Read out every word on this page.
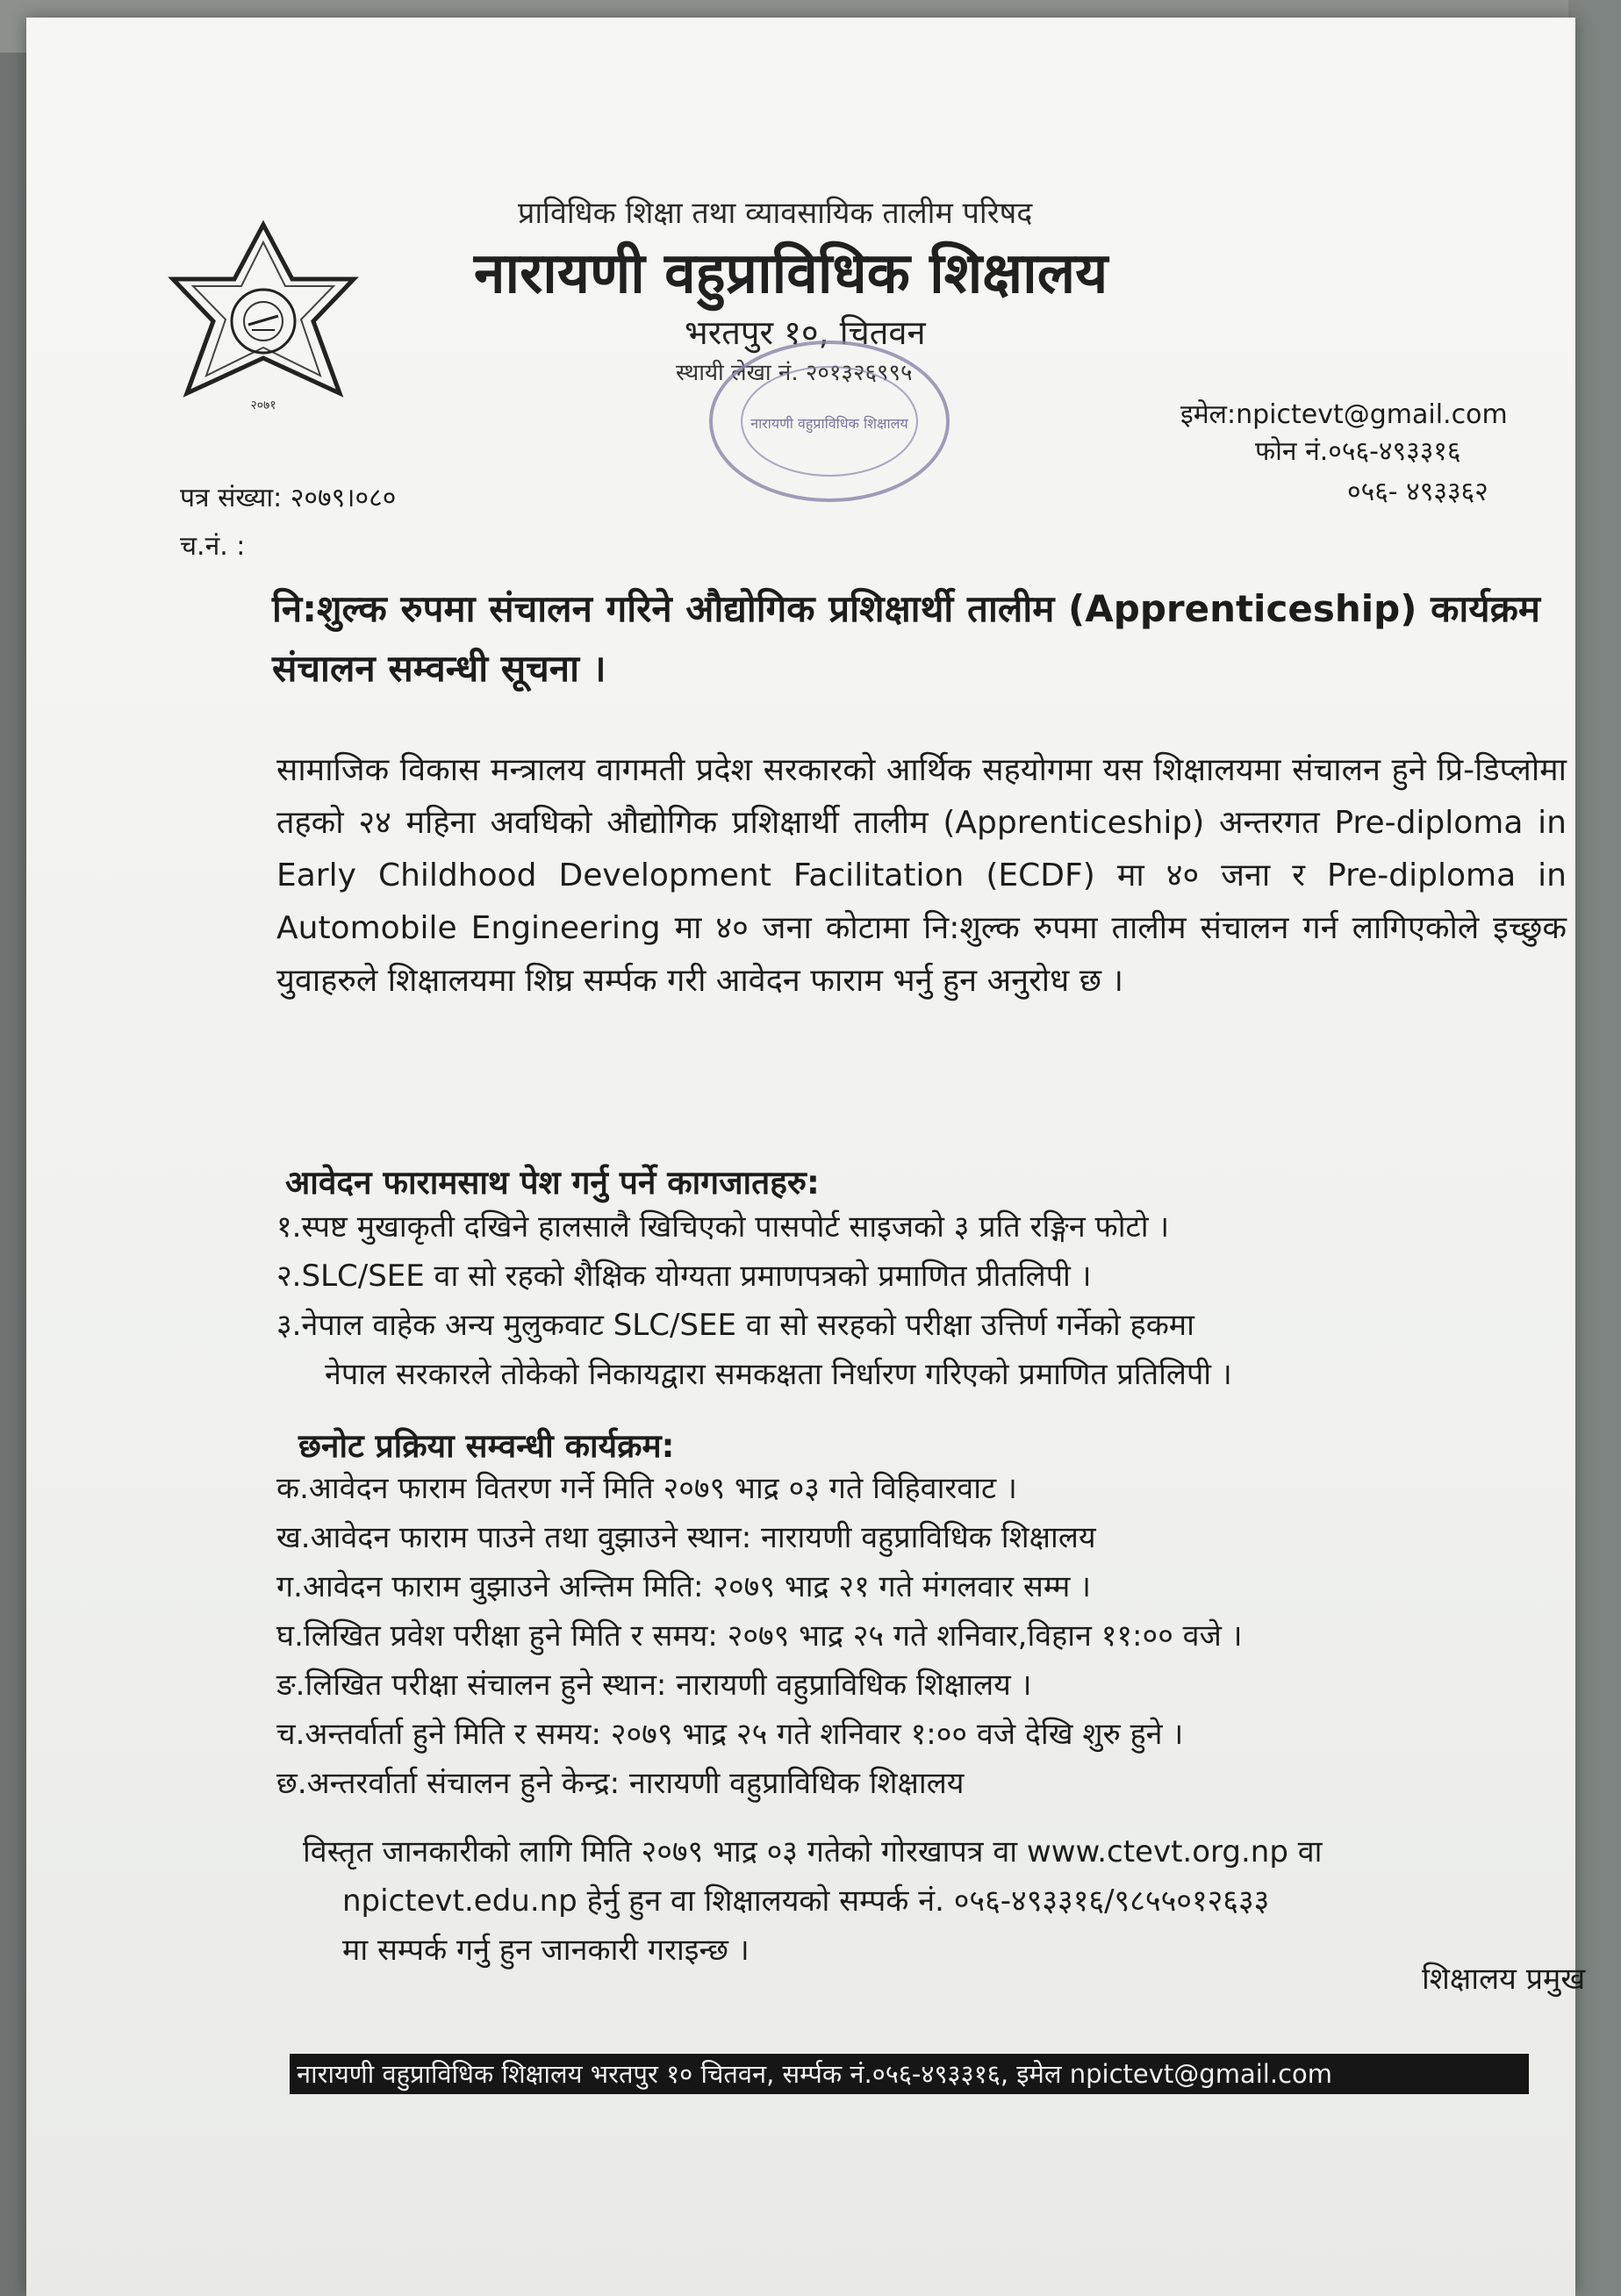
२०७१
प्राविधिक शिक्षा तथा व्यावसायिक तालीम परिषद
नारायणी वहुप्राविधिक शिक्षालय
भरतपुर १०, चितवन
स्थायी लेखा नं. २०१३२६९९५
नारायणी वहुप्राविधिक शिक्षालय	इमेल:npictevt@gmail.com
फोन नं.०५६-४९३३१६
०५६- ४९३३६२
पत्र संख्या: २०७९।०८०
च.नं. :
नि:शुल्क रुपमा संचालन गरिने औद्योगिक प्रशिक्षार्थी तालीम (Apprenticeship) कार्यक्रम संचालन सम्वन्धी सूचना ।
सामाजिक विकास मन्त्रालय वागमती प्रदेश सरकारको आर्थिक सहयोगमा यस शिक्षालयमा संचालन हुने प्रि-डिप्लोमा तहको २४ महिना अवधिको औद्योगिक प्रशिक्षार्थी तालीम (Apprenticeship) अन्तरगत Pre-diploma in Early Childhood Development Facilitation (ECDF) मा ४० जना र Pre-diploma in Automobile Engineering मा ४० जना कोटामा नि:शुल्क रुपमा तालीम संचालन गर्न लागिएकोले इच्छुक युवाहरुले शिक्षालयमा शिघ्र सर्म्पक गरी आवेदन फाराम भर्नु हुन अनुरोध छ ।
आवेदन फारामसाथ पेश गर्नु पर्ने कागजातहरु:
१.स्पष्ट मुखाकृती दखिने हालसालै खिचिएको पासपोर्ट साइजको ३ प्रति रङ्गिन फोटो ।
२.SLC/SEE वा सो रहको शैक्षिक योग्यता प्रमाणपत्रको प्रमाणित प्रीतलिपी ।
३.नेपाल वाहेक अन्य मुलुकवाट SLC/SEE वा सो सरहको परीक्षा उत्तिर्ण गर्नेको हकमा
नेपाल सरकारले तोकेको निकायद्वारा समकक्षता निर्धारण गरिएको प्रमाणित प्रतिलिपी ।
छनोट प्रक्रिया सम्वन्धी कार्यक्रम:
क.आवेदन फाराम वितरण गर्ने मिति २०७९ भाद्र ०३ गते विहिवारवाट ।
ख.आवेदन फाराम पाउने तथा वुझाउने स्थान: नारायणी वहुप्राविधिक शिक्षालय
ग.आवेदन फाराम वुझाउने अन्तिम मिति: २०७९ भाद्र २१ गते मंगलवार सम्म ।
घ.लिखित प्रवेश परीक्षा हुने मिति र समय: २०७९ भाद्र २५ गते शनिवार,विहान ११:०० वजे ।
ङ.लिखित परीक्षा संचालन हुने स्थान: नारायणी वहुप्राविधिक शिक्षालय ।
च.अन्तर्वार्ता हुने मिति र समय: २०७९ भाद्र २५ गते शनिवार १:०० वजे देखि शुरु हुने ।
छ.अन्तरर्वार्ता संचालन हुने केन्द्र: नारायणी वहुप्राविधिक शिक्षालय
विस्तृत जानकारीको लागि मिति २०७९ भाद्र ०३ गतेको गोरखापत्र वा www.ctevt.org.np वा
npictevt.edu.np हेर्नु हुन वा शिक्षालयको सम्पर्क नं. ०५६-४९३३१६/९८५५०१२६३३
मा सम्पर्क गर्नु हुन जानकारी गराइन्छ ।
शिक्षालय प्रमुख
नारायणी वहुप्राविधिक शिक्षालय भरतपुर १० चितवन, सर्म्पक नं.०५६-४९३३१६, इमेल npictevt@gmail.com
